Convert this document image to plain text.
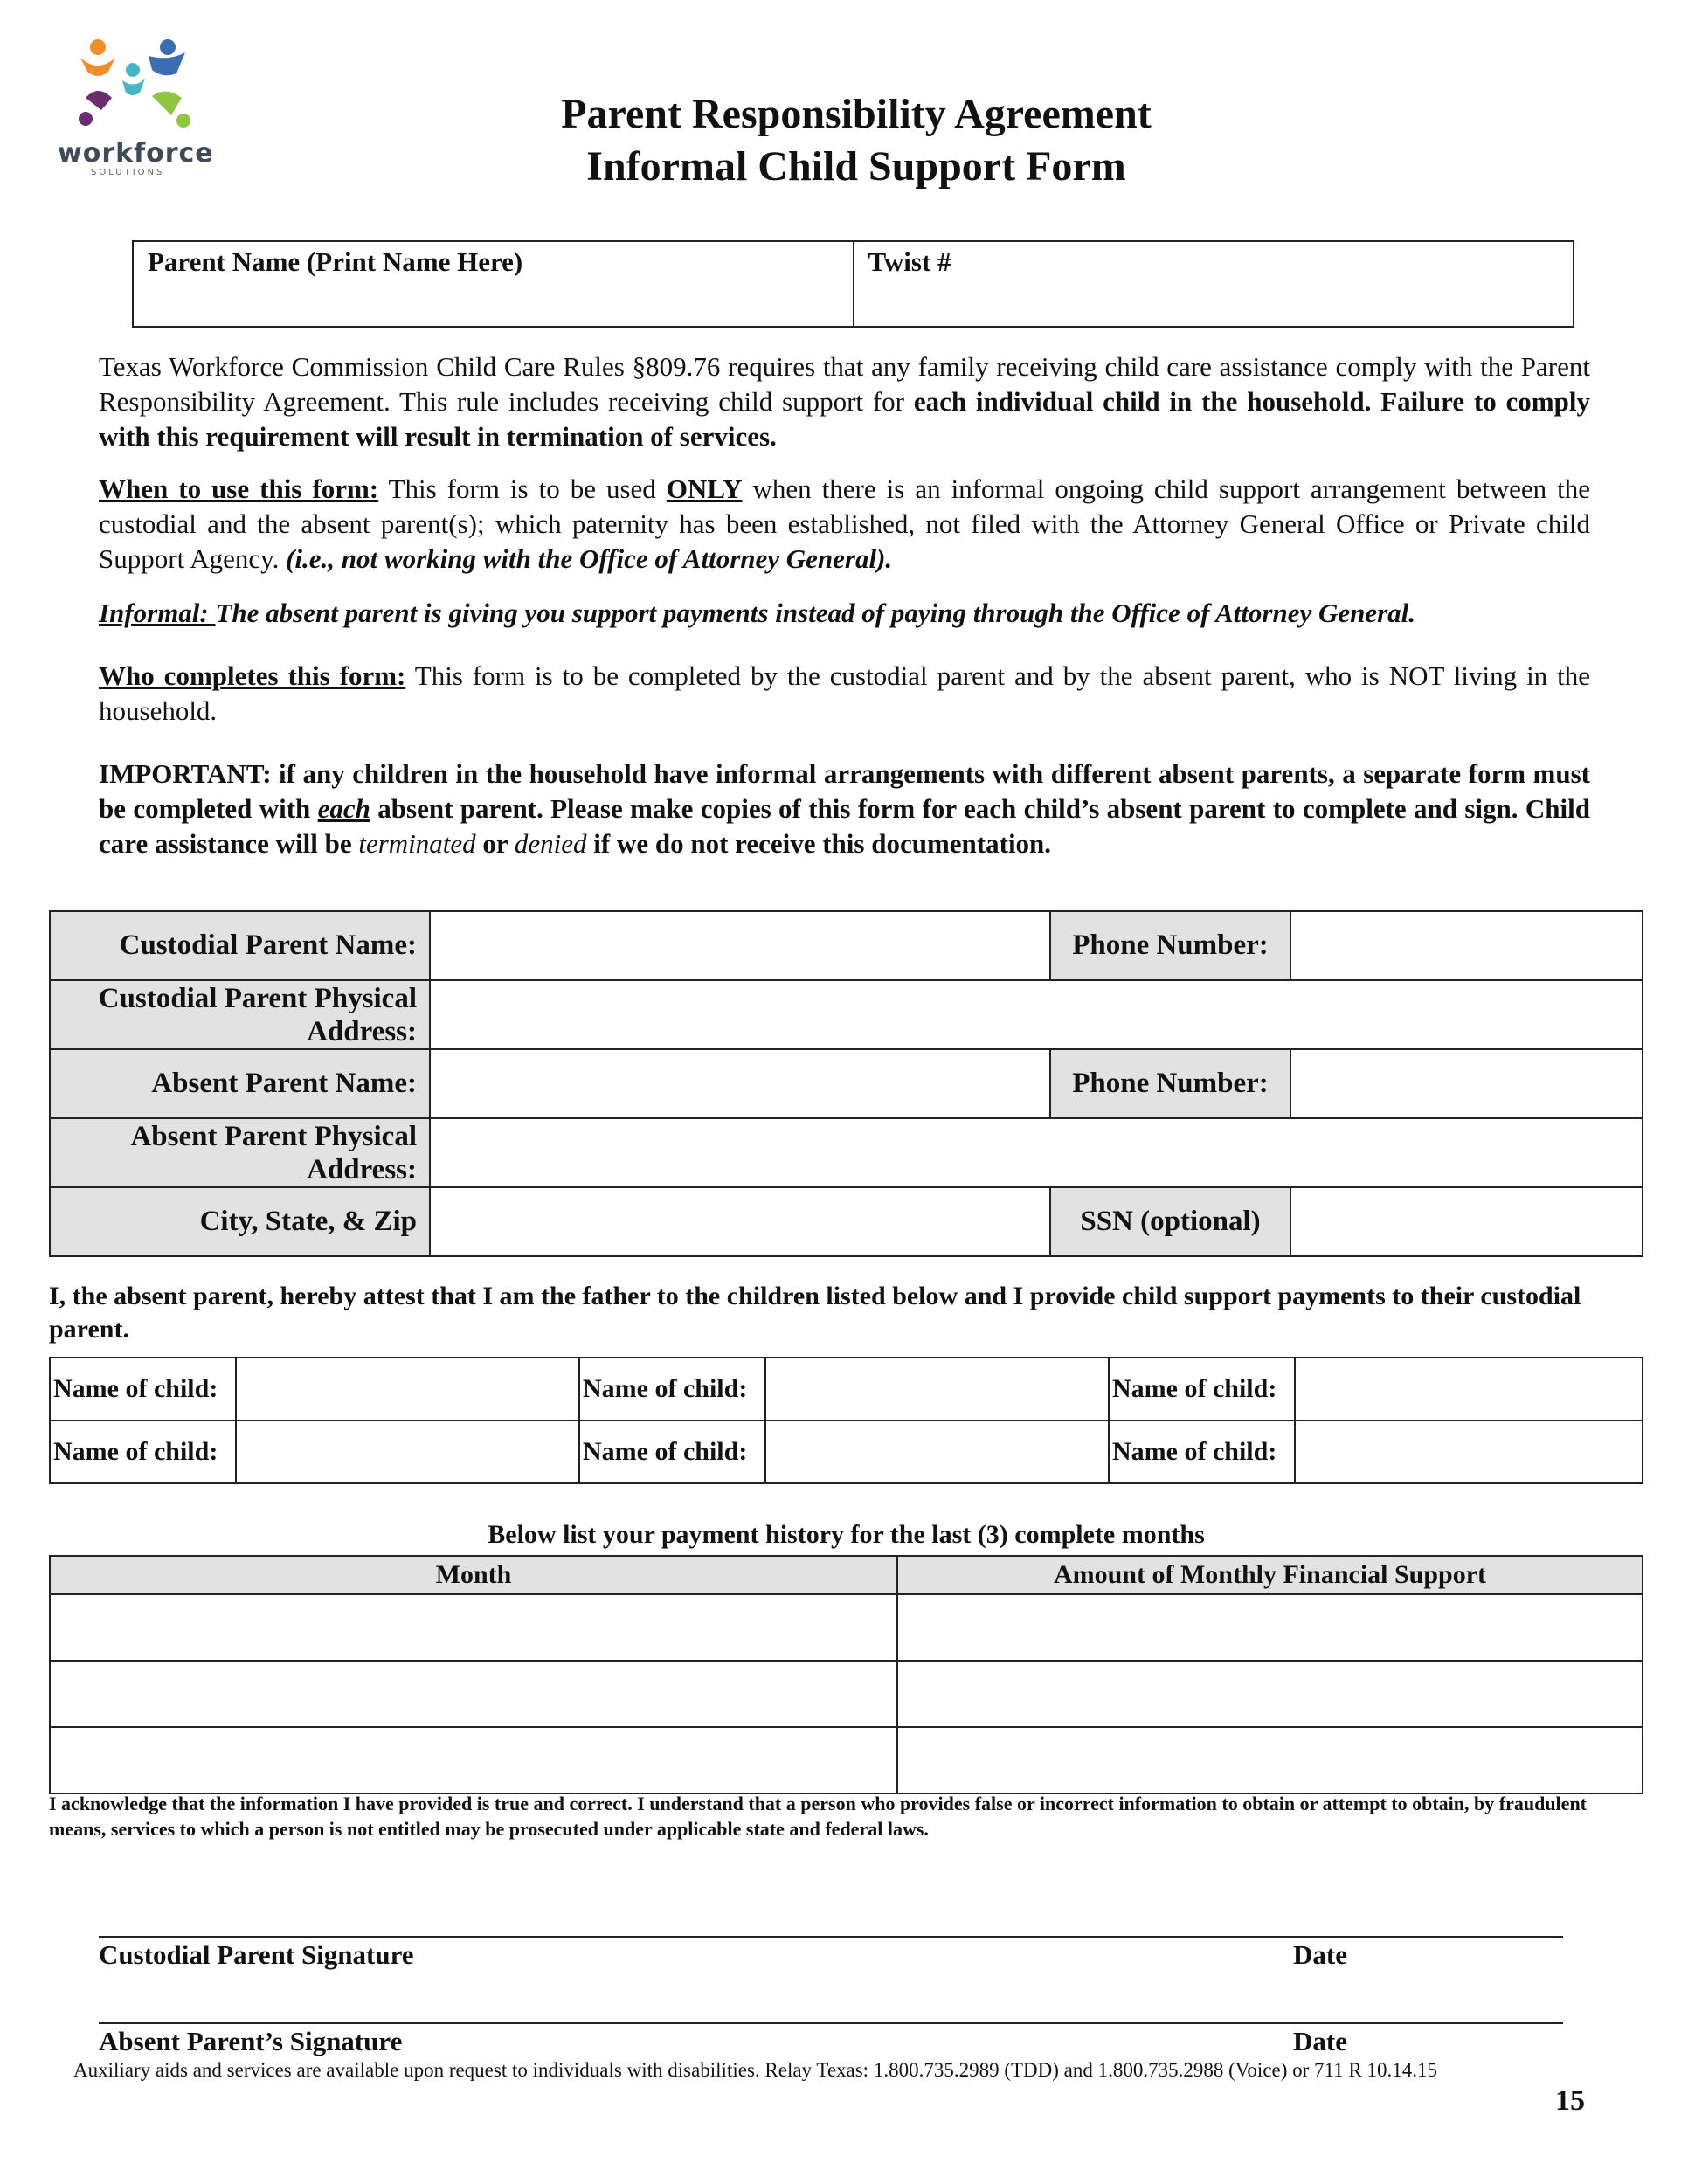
workforce
SOLUTIONS
Parent Responsibility Agreement
Informal Child Support Form
Parent Name (Print Name Here)	Twist #
Texas Workforce Commission Child Care Rules §809.76 requires that any family receiving child care assistance comply with the Parent Responsibility Agreement. This rule includes receiving child support for each individual child in the household. Failure to comply with this requirement will result in termination of services.
When to use this form: This form is to be used ONLY when there is an informal ongoing child support arrangement between the custodial and the absent parent(s); which paternity has been established, not filed with the Attorney General Office or Private child Support Agency. (i.e., not working with the Office of Attorney General).
Informal: The absent parent is giving you support payments instead of paying through the Office of Attorney General.
Who completes this form: This form is to be completed by the custodial parent and by the absent parent, who is NOT living in the household.
IMPORTANT: if any children in the household have informal arrangements with different absent parents, a separate form must be completed with each absent parent. Please make copies of this form for each child’s absent parent to complete and sign. Child care assistance will be terminated or denied if we do not receive this documentation.
Custodial Parent Name:		Phone Number:	
Custodial Parent Physical
Address:			
Absent Parent Name:		Phone Number:	
Absent Parent Physical
Address:			
City, State, & Zip		SSN (optional)	
I, the absent parent, hereby attest that I am the father to the children listed below and I provide child support payments to their custodial parent.
Name of child:		Name of child:		Name of child:	
Name of child:		Name of child:		Name of child:	
Below list your payment history for the last (3) complete months
Month	Amount of Monthly Financial Support

I acknowledge that the information I have provided is true and correct. I understand that a person who provides false or incorrect information to obtain or attempt to obtain, by fraudulent means, services to which a person is not entitled may be prosecuted under applicable state and federal laws.
Custodial Parent Signature	Date
Absent Parent’s Signature	Date
Auxiliary aids and services are available upon request to individuals with disabilities. Relay Texas: 1.800.735.2989 (TDD) and 1.800.735.2988 (Voice) or 711 R 10.14.15
15
